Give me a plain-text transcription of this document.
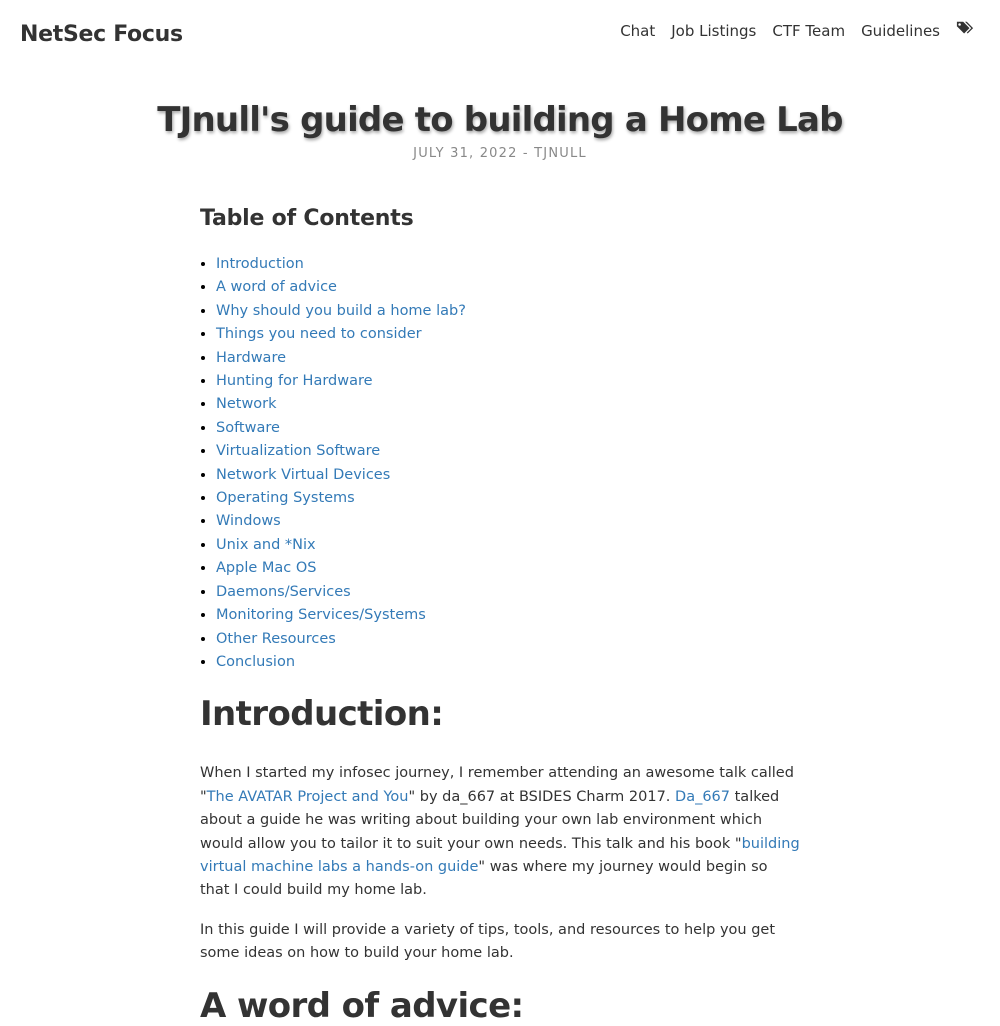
NetSec Focus	Chat Job Listings CTF Team Guidelines
TJnull's guide to building a Home Lab
JULY 31, 2022 - TJNULL
Table of Contents
• Introduction
• A word of advice
• Why should you build a home lab?
• Things you need to consider
• Hardware
• Hunting for Hardware
• Network
• Software
• Virtualization Software
• Network Virtual Devices
• Operating Systems
• Windows
• Unix and *Nix
• Apple Mac OS
• Daemons/Services
• Monitoring Services/Systems
• Other Resources
• Conclusion
Introduction:

When I started my infosec journey, I remember attending an awesome talk called "The AVATAR Project and You" by da_667 at BSIDES Charm 2017. Da_667 talked about a guide he was writing about building your own lab environment which would allow you to tailor it to suit your own needs. This talk and his book "building virtual machine labs a hands-on guide" was where my journey would begin so that I could build my home lab.

In this guide I will provide a variety of tips, tools, and resources to help you get some ideas on how to build your home lab.

A word of advice:
